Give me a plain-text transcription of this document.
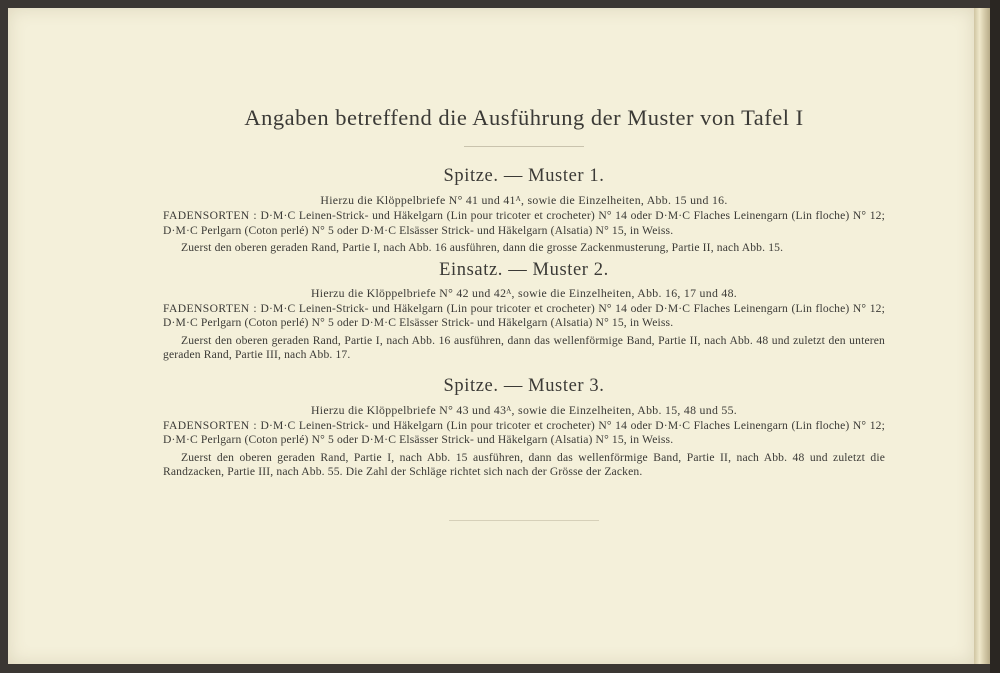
Angaben betreffend die Ausführung der Muster von Tafel I
Spitze. — Muster 1.

Hierzu die Klöppelbriefe N° 41 und 41ᴬ, sowie die Einzelheiten, Abb. 15 und 16.

FADENSORTEN : D·M·C Leinen-Strick- und Häkelgarn (Lin pour tricoter et crocheter) N° 14 oder D·M·C Flaches Leinengarn (Lin floche) N° 12; D·M·C Perlgarn (Coton perlé) N° 5 oder D·M·C Elsässer Strick- und Häkelgarn (Alsatia) N° 15, in Weiss.

Zuerst den oberen geraden Rand, Partie I, nach Abb. 16 ausführen, dann die grosse Zackenmusterung, Partie II, nach Abb. 15.

Einsatz. — Muster 2.

Hierzu die Klöppelbriefe N° 42 und 42ᴬ, sowie die Einzelheiten, Abb. 16, 17 und 48.

FADENSORTEN : D·M·C Leinen-Strick- und Häkelgarn (Lin pour tricoter et crocheter) N° 14 oder D·M·C Flaches Leinengarn (Lin floche) N° 12; D·M·C Perlgarn (Coton perlé) N° 5 oder D·M·C Elsässer Strick- und Häkelgarn (Alsatia) N° 15, in Weiss.

Zuerst den oberen geraden Rand, Partie I, nach Abb. 16 ausführen, dann das wellenförmige Band, Partie II, nach Abb. 48 und zuletzt den unteren geraden Rand, Partie III, nach Abb. 17.

Spitze. — Muster 3.

Hierzu die Klöppelbriefe N° 43 und 43ᴬ, sowie die Einzelheiten, Abb. 15, 48 und 55.

FADENSORTEN : D·M·C Leinen-Strick- und Häkelgarn (Lin pour tricoter et crocheter) N° 14 oder D·M·C Flaches Leinengarn (Lin floche) N° 12; D·M·C Perlgarn (Coton perlé) N° 5 oder D·M·C Elsässer Strick- und Häkelgarn (Alsatia) N° 15, in Weiss.

Zuerst den oberen geraden Rand, Partie I, nach Abb. 15 ausführen, dann das wellenförmige Band, Partie II, nach Abb. 48 und zuletzt die Randzacken, Partie III, nach Abb. 55. Die Zahl der Schläge richtet sich nach der Grösse der Zacken.
